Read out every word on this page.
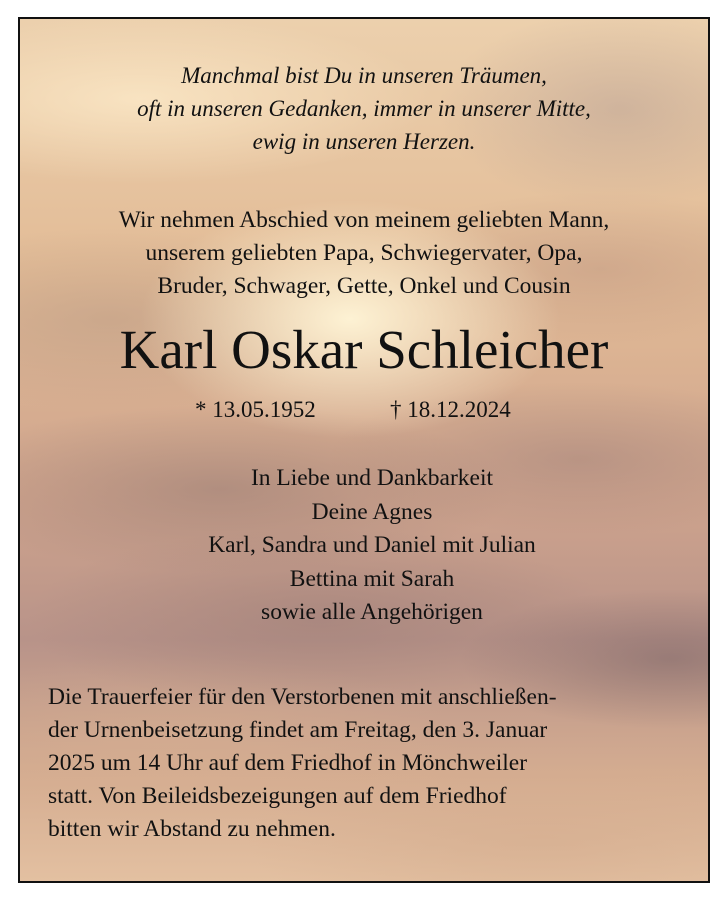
Manchmal bist Du in unseren Träumen,
oft in unseren Gedanken, immer in unserer Mitte,
ewig in unseren Herzen.
Wir nehmen Abschied von meinem geliebten Mann,
unserem geliebten Papa, Schwiegervater, Opa,
Bruder, Schwager, Gette, Onkel und Cousin
Karl Oskar Schleicher
* 13.05.1952	† 18.12.2024
In Liebe und Dankbarkeit
Deine Agnes
Karl, Sandra und Daniel mit Julian
Bettina mit Sarah
sowie alle Angehörigen
Die Trauerfeier für den Verstorbenen mit anschließen-
der Urnenbeisetzung findet am Freitag, den 3. Januar
2025 um 14 Uhr auf dem Friedhof in Mönchweiler
statt. Von Beileidsbezeigungen auf dem Friedhof
bitten wir Abstand zu nehmen.
